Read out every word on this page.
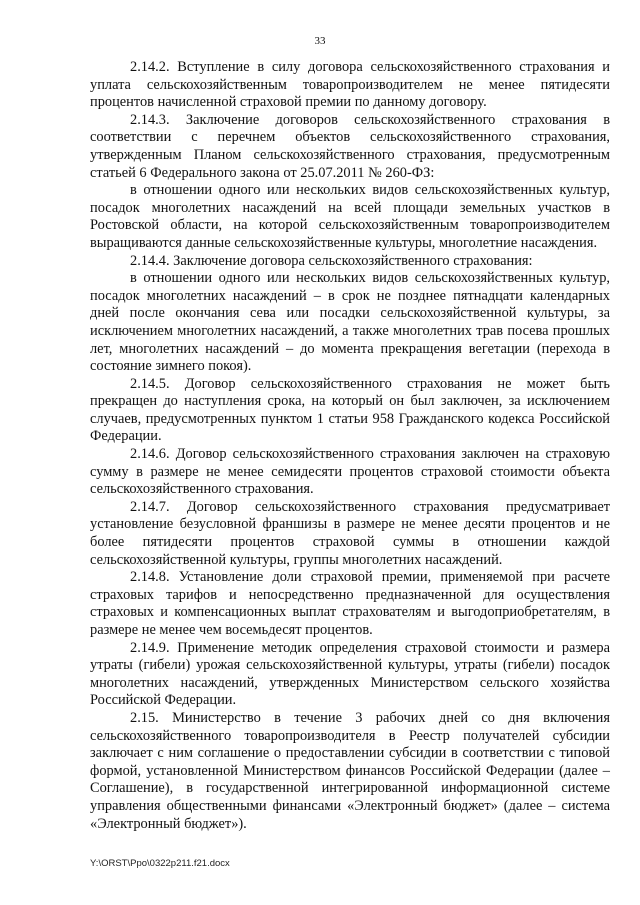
33

2.14.2. Вступление в силу договора сельскохозяйственного страхования и уплата сельскохозяйственным товаропроизводителем не менее пятидесяти процентов начисленной страховой премии по данному договору.

2.14.3. Заключение договоров сельскохозяйственного страхования в соответствии с перечнем объектов сельскохозяйственного страхования, утвержденным Планом сельскохозяйственного страхования, предусмотренным статьей 6 Федерального закона от 25.07.2011 № 260-ФЗ:

в отношении одного или нескольких видов сельскохозяйственных культур, посадок многолетних насаждений на всей площади земельных участков в Ростовской области, на которой сельскохозяйственным товаропроизводителем выращиваются данные сельскохозяйственные культуры, многолетние насаждения.

2.14.4. Заключение договора сельскохозяйственного страхования:

в отношении одного или нескольких видов сельскохозяйственных культур, посадок многолетних насаждений – в срок не позднее пятнадцати календарных дней после окончания сева или посадки сельскохозяйственной культуры, за исключением многолетних насаждений, а также многолетних трав посева прошлых лет, многолетних насаждений – до момента прекращения вегетации (перехода в состояние зимнего покоя).

2.14.5. Договор сельскохозяйственного страхования не может быть прекращен до наступления срока, на который он был заключен, за исключением случаев, предусмотренных пунктом 1 статьи 958 Гражданского кодекса Российской Федерации.

2.14.6. Договор сельскохозяйственного страхования заключен на страховую сумму в размере не менее семидесяти процентов страховой стоимости объекта сельскохозяйственного страхования.

2.14.7. Договор сельскохозяйственного страхования предусматривает установление безусловной франшизы в размере не менее десяти процентов и не более пятидесяти процентов страховой суммы в отношении каждой сельскохозяйственной культуры, группы многолетних насаждений.

2.14.8. Установление доли страховой премии, применяемой при расчете страховых тарифов и непосредственно предназначенной для осуществления страховых и компенсационных выплат страхователям и выгодоприобретателям, в размере не менее чем восемьдесят процентов.

2.14.9. Применение методик определения страховой стоимости и размера утраты (гибели) урожая сельскохозяйственной культуры, утраты (гибели) посадок многолетних насаждений, утвержденных Министерством сельского хозяйства Российской Федерации.

2.15. Министерство в течение 3 рабочих дней со дня включения сельскохозяйственного товаропроизводителя в Реестр получателей субсидии заключает с ним соглашение о предоставлении субсидии в соответствии с типовой формой, установленной Министерством финансов Российской Федерации (далее – Соглашение), в государственной интегрированной информационной системе управления общественными финансами «Электронный бюджет» (далее – система «Электронный бюджет»).

Y:\ORST\Ppo\0322p211.f21.docx
